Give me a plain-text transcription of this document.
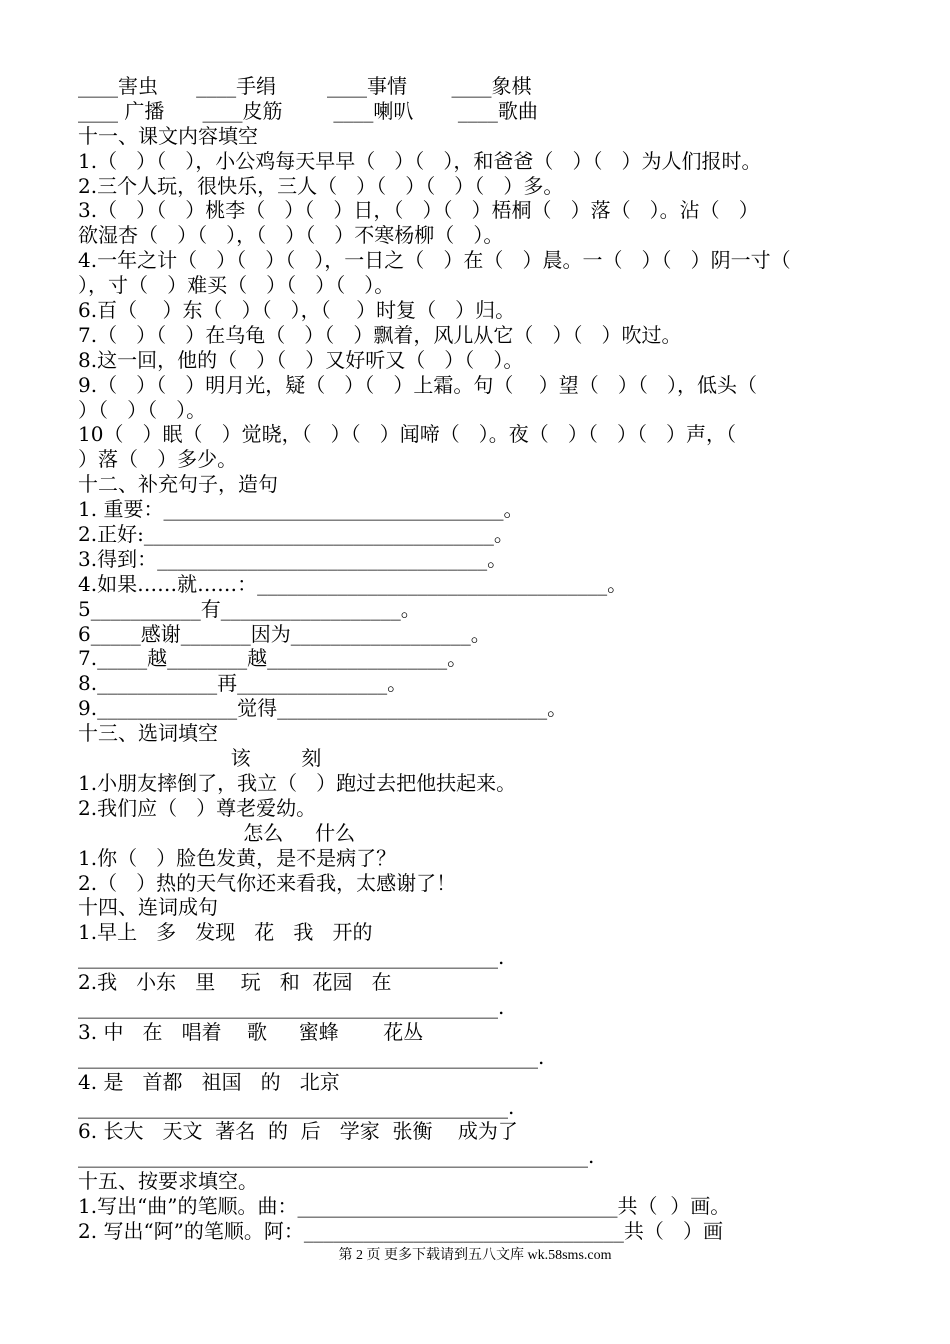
____害虫      ____手绢        ____事情       ____象棋
____ 广播      ____皮筋        ____喇叭       ____歌曲
十一、课文内容填空
1.（   ）（   ），小公鸡每天早早（   ）（   ），和爸爸（   ）（   ）为人们报时。
2.三个人玩，很快乐，三人（   ）（   ）（   ）（   ）多。
3.（   ）（   ）桃李（   ）（   ）日，（   ）（   ）梧桐（   ）落（   ）。沾（   ）
欲湿杏（   ）（   ），（   ）（   ）不寒杨柳（   ）。
4.一年之计（   ）（   ）（   ），一日之（   ）在（   ）晨。一（   ）（   ）阴一寸（
），寸（   ）难买（   ）（   ）（   ）。
6.百（    ）东（   ）（   ），（    ）时复（   ）归。
7.（   ）（   ）在乌龟（   ）（   ）飘着，风儿从它（   ）（   ）吹过。
8.这一回，他的（   ）（   ）又好听又（   ）（   ）。
9.（   ）（   ）明月光，疑（   ）（   ）上霜。句（    ）望（   ）（   ），低头（
）（   ）（   ）。
10（   ）眠（   ）觉晓，（   ）（   ）闻啼（   ）。夜（   ）（   ）（   ）声，（
）落（   ）多少。
十二、补充句子，造句
1. 重要：__________________________________。
2.正好:___________________________________。
3.得到：_________________________________。
4.如果……就……：___________________________________。
5___________有__________________。
6_____感谢_______因为__________________。
7._____越________越__________________。
8.____________再_______________。
9.______________觉得___________________________。
十三、选词填空
该        刻
1.小朋友摔倒了，我立（   ）跑过去把他扶起来。
2.我们应（   ）尊老爱幼。
怎么     什么
1.你（   ）脸色发黄，是不是病了？
2.（   ）热的天气你还来看我，太感谢了！
十四、连词成句
1.早上   多   发现   花   我   开的
__________________________________________.
2.我   小东   里    玩   和  花园   在
__________________________________________.
3. 中   在   唱着    歌     蜜蜂       花丛
______________________________________________.
4. 是   首都   祖国   的   北京
___________________________________________.
6. 长大   天文  著名  的  后   学家  张衡    成为了
___________________________________________________.
十五、按要求填空。
1.写出“曲”的笔顺。曲：________________________________共（  ）画。
2. 写出“阿”的笔顺。阿：________________________________共（   ）画
第 2 页 更多下载请到五八文库 wk.58sms.com
